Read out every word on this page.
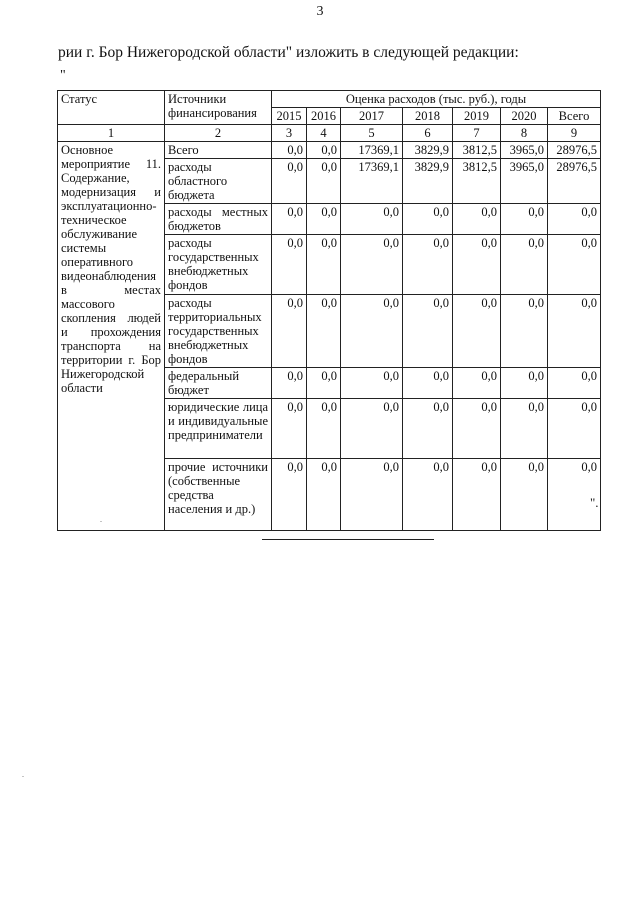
3
рии г. Бор Нижегородской области" изложить в следующей редакции:
"
Статус	Источники финансирования	Оценка расходов (тыс. руб.), годы						
		2015	2016	2017	2018	2019	2020	Всего
1	2	3	4	5	6	7	8	9
Основное мероприятие 11. Содержание, модернизация и эксплуатационно-техническое обслуживание системы оперативного видеонаблюдения в местах массового скопления людей и прохождения транспорта на территории г. Бор Нижегородской области	Всего	0,0	0,0	17369,1	3829,9	3812,5	3965,0	28976,5
	расходы областного бюджета	0,0	0,0	17369,1	3829,9	3812,5	3965,0	28976,5
	расходы местных бюджетов	0,0	0,0	0,0	0,0	0,0	0,0	0,0
	расходы государственных внебюджетных фондов	0,0	0,0	0,0	0,0	0,0	0,0	0,0
	расходы территориальных государственных внебюджетных фондов	0,0	0,0	0,0	0,0	0,0	0,0	0,0
	федеральный бюджет	0,0	0,0	0,0	0,0	0,0	0,0	0,0
	юридические лица и индивидуальные предприниматели	0,0	0,0	0,0	0,0	0,0	0,0	0,0
	прочие источники (собственные средства населения и др.)	0,0	0,0	0,0	0,0	0,0	0,0	0,0
".
.
.
